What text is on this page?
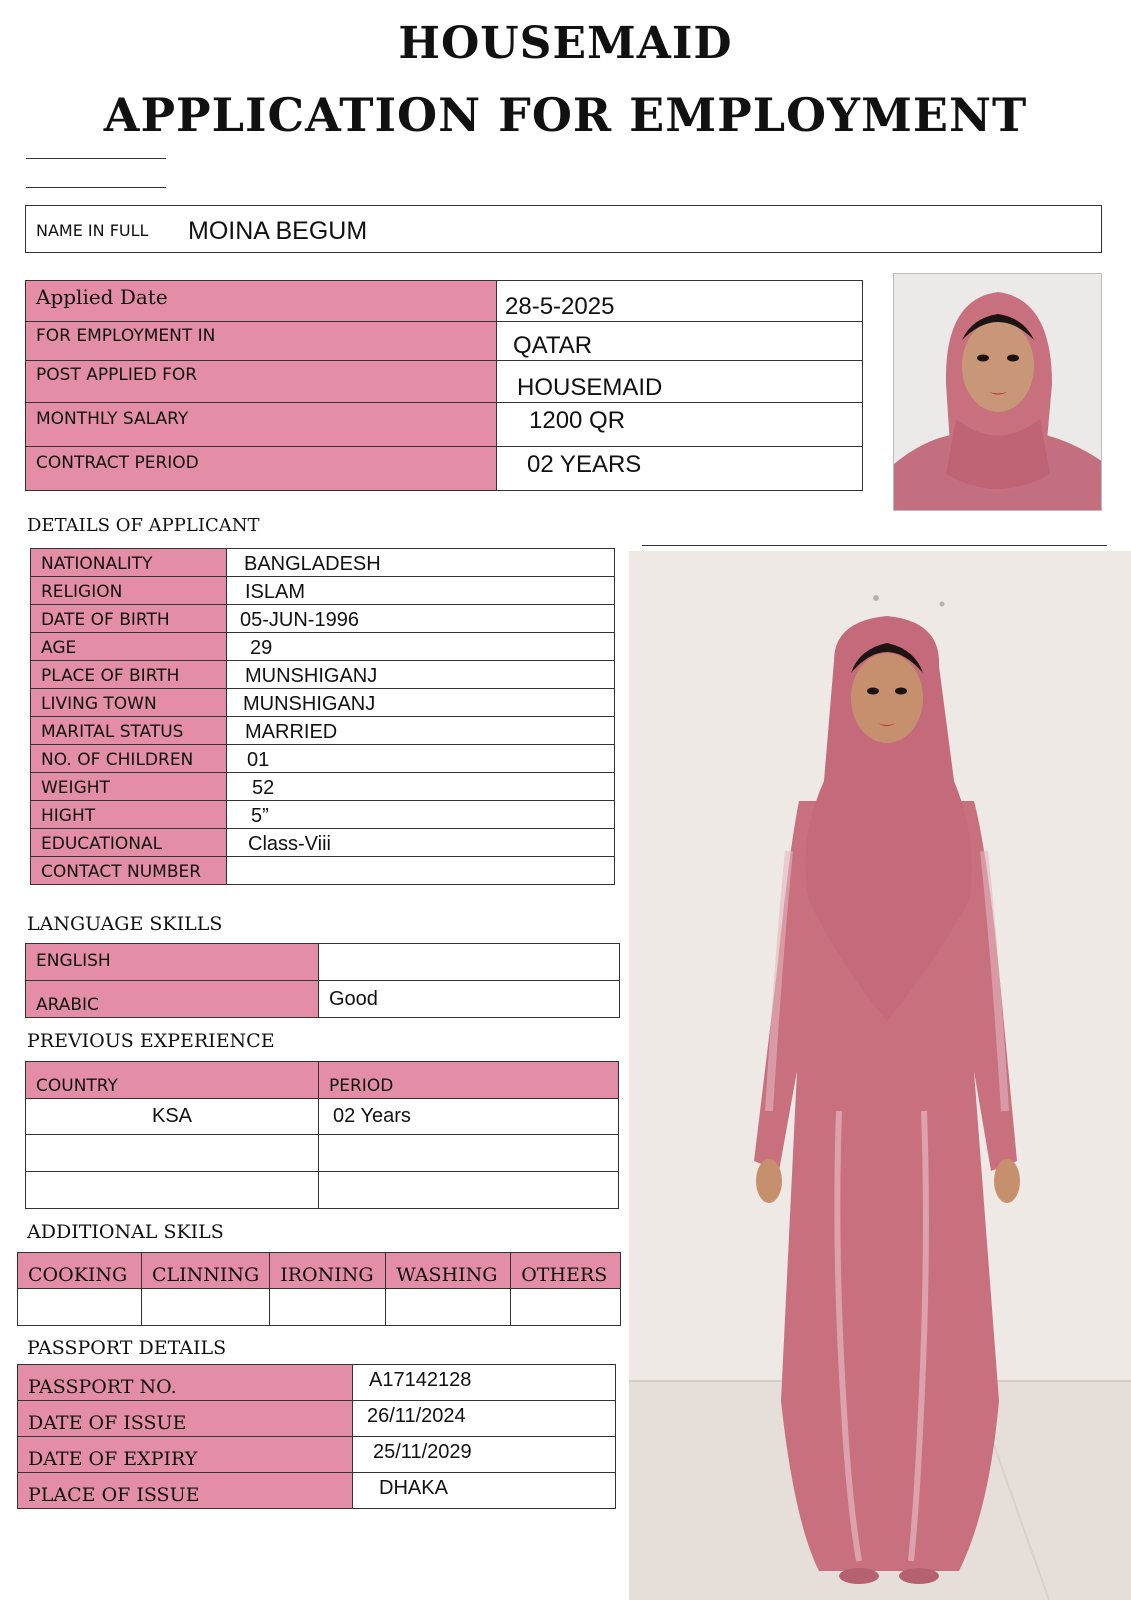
HOUSEMAID
APPLICATION FOR EMPLOYMENT
NAME IN FULL MOINA BEGUM
Applied Date	28-5-2025
FOR EMPLOYMENT IN	QATAR
POST APPLIED FOR	HOUSEMAID
MONTHLY SALARY	1200 QR
CONTRACT PERIOD	02 YEARS
DETAILS OF APPLICANT
NATIONALITY	BANGLADESH
RELIGION	ISLAM
DATE OF BIRTH	05-JUN-1996
AGE	29
PLACE OF BIRTH	MUNSHIGANJ
LIVING TOWN	MUNSHIGANJ
MARITAL STATUS	MARRIED
NO. OF CHILDREN	01
WEIGHT	52
HIGHT	5”
EDUCATIONAL	Class-Viii
CONTACT NUMBER	
LANGUAGE SKILLS
ENGLISH	
ARABIC	Good
PREVIOUS EXPERIENCE
COUNTRY	PERIOD
KSA	02 Years

ADDITIONAL SKILS
COOKING	CLINNING	IRONING	WASHING	OTHERS

PASSPORT DETAILS
PASSPORT NO.	A17142128
DATE OF ISSUE	26/11/2024
DATE OF EXPIRY	25/11/2029
PLACE OF ISSUE	DHAKA
